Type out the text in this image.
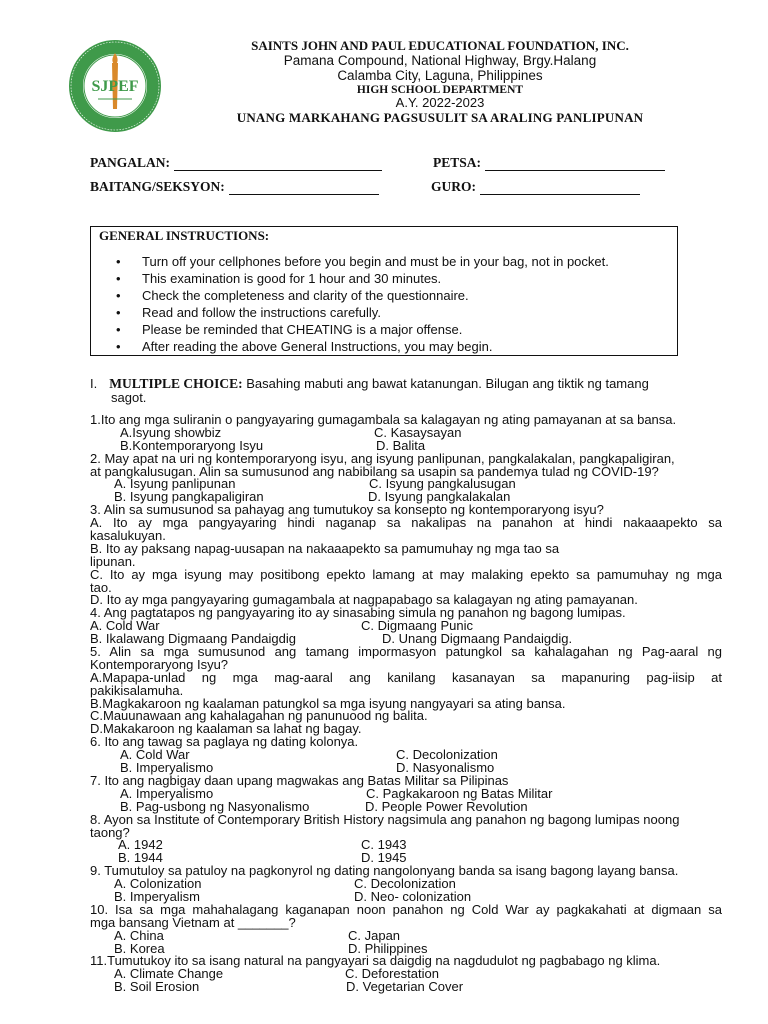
SJPEF
SAINTS JOHN AND PAUL EDUCATIONAL FOUNDATION, INC.
Pamana Compound, National Highway, Brgy.Halang
Calamba City, Laguna, Philippines
HIGH SCHOOL DEPARTMENT
A.Y. 2022-2023
UNANG MARKAHANG PAGSUSULIT SA ARALING PANLIPUNAN
PANGALAN:	PETSA:
BAITANG/SEKSYON:	GURO:
GENERAL INSTRUCTIONS:
• Turn off your cellphones before you begin and must be in your bag, not in pocket.
• This examination is good for 1 hour and 30 minutes.
• Check the completeness and clarity of the questionnaire.
• Read and follow the instructions carefully.
• Please be reminded that CHEATING is a major offense.
• After reading the above General Instructions, you may begin.
I. MULTIPLE CHOICE: Basahing mabuti ang bawat katanungan. Bilugan ang tiktik ng tamang
sagot.
1.Ito ang mga suliranin o pangyayaring gumagambala sa kalagayan ng ating pamayanan at sa bansa.
A.Isyung showbiz	C. Kasaysayan
B.Kontemporaryong Isyu	D. Balita
2. May apat na uri ng kontemporaryong isyu, ang isyung panlipunan, pangkalakalan, pangkapaligiran,
at pangkalusugan. Alin sa sumusunod ang nabibilang sa usapin sa pandemya tulad ng COVID-19?
A. Isyung panlipunan	C. Isyung pangkalusugan
B. Isyung pangkapaligiran	D. Isyung pangkalakalan
3. Alin sa sumusunod sa pahayag ang tumutukoy sa konsepto ng kontemporaryong isyu?
A. Ito ay mga pangyayaring hindi naganap sa nakalipas na panahon at hindi nakaaapekto sa
kasalukuyan.
B. Ito ay paksang napag-uusapan na nakaaapekto sa pamumuhay ng mga tao sa
lipunan.
C. Ito ay mga isyung may positibong epekto lamang at may malaking epekto sa pamumuhay ng mga
tao.
D. Ito ay mga pangyayaring gumagambala at nagpapabago sa kalagayan ng ating pamayanan.
4. Ang pagtatapos ng pangyayaring ito ay sinasabing simula ng panahon ng bagong lumipas.
A. Cold War	C. Digmaang Punic
B. Ikalawang Digmaang Pandaigdig	D. Unang Digmaang Pandaigdig.
5. Alin sa mga sumusunod ang tamang impormasyon patungkol sa kahalagahan ng Pag-aaral ng
Kontemporaryong Isyu?
A.Mapapa-unlad ng mga mag-aaral ang kanilang kasanayan sa mapanuring pag-iisip at
pakikisalamuha.
B.Magkakaroon ng kaalaman patungkol sa mga isyung nangyayari sa ating bansa.
C.Mauunawaan ang kahalagahan ng panunuood ng balita.
D.Makakaroon ng kaalaman sa lahat ng bagay.
6. Ito ang tawag sa paglaya ng dating kolonya.
A. Cold War	C. Decolonization
B. Imperyalismo	D. Nasyonalismo
7. Ito ang nagbigay daan upang magwakas ang Batas Militar sa Pilipinas
A. Imperyalismo	C. Pagkakaroon ng Batas Militar
B. Pag-usbong ng Nasyonalismo	D. People Power Revolution
8. Ayon sa Institute of Contemporary British History nagsimula ang panahon ng bagong lumipas noong
taong?
A. 1942	C. 1943
B. 1944	D. 1945
9. Tumutuloy sa patuloy na pagkonyrol ng dating nangolonyang banda sa isang bagong layang bansa.
A. Colonization	C. Decolonization
B. Imperyalism	D. Neo- colonization
10. Isa sa mga mahahalagang kaganapan noon panahon ng Cold War ay pagkakahati at digmaan sa
mga bansang Vietnam at _______?
A. China	C. Japan
B. Korea	D. Philippines
11.Tumutukoy ito sa isang natural na pangyayari sa daigdig na nagdudulot ng pagbabago ng klima.
A. Climate Change	C. Deforestation
B. Soil Erosion	D. Vegetarian Cover
